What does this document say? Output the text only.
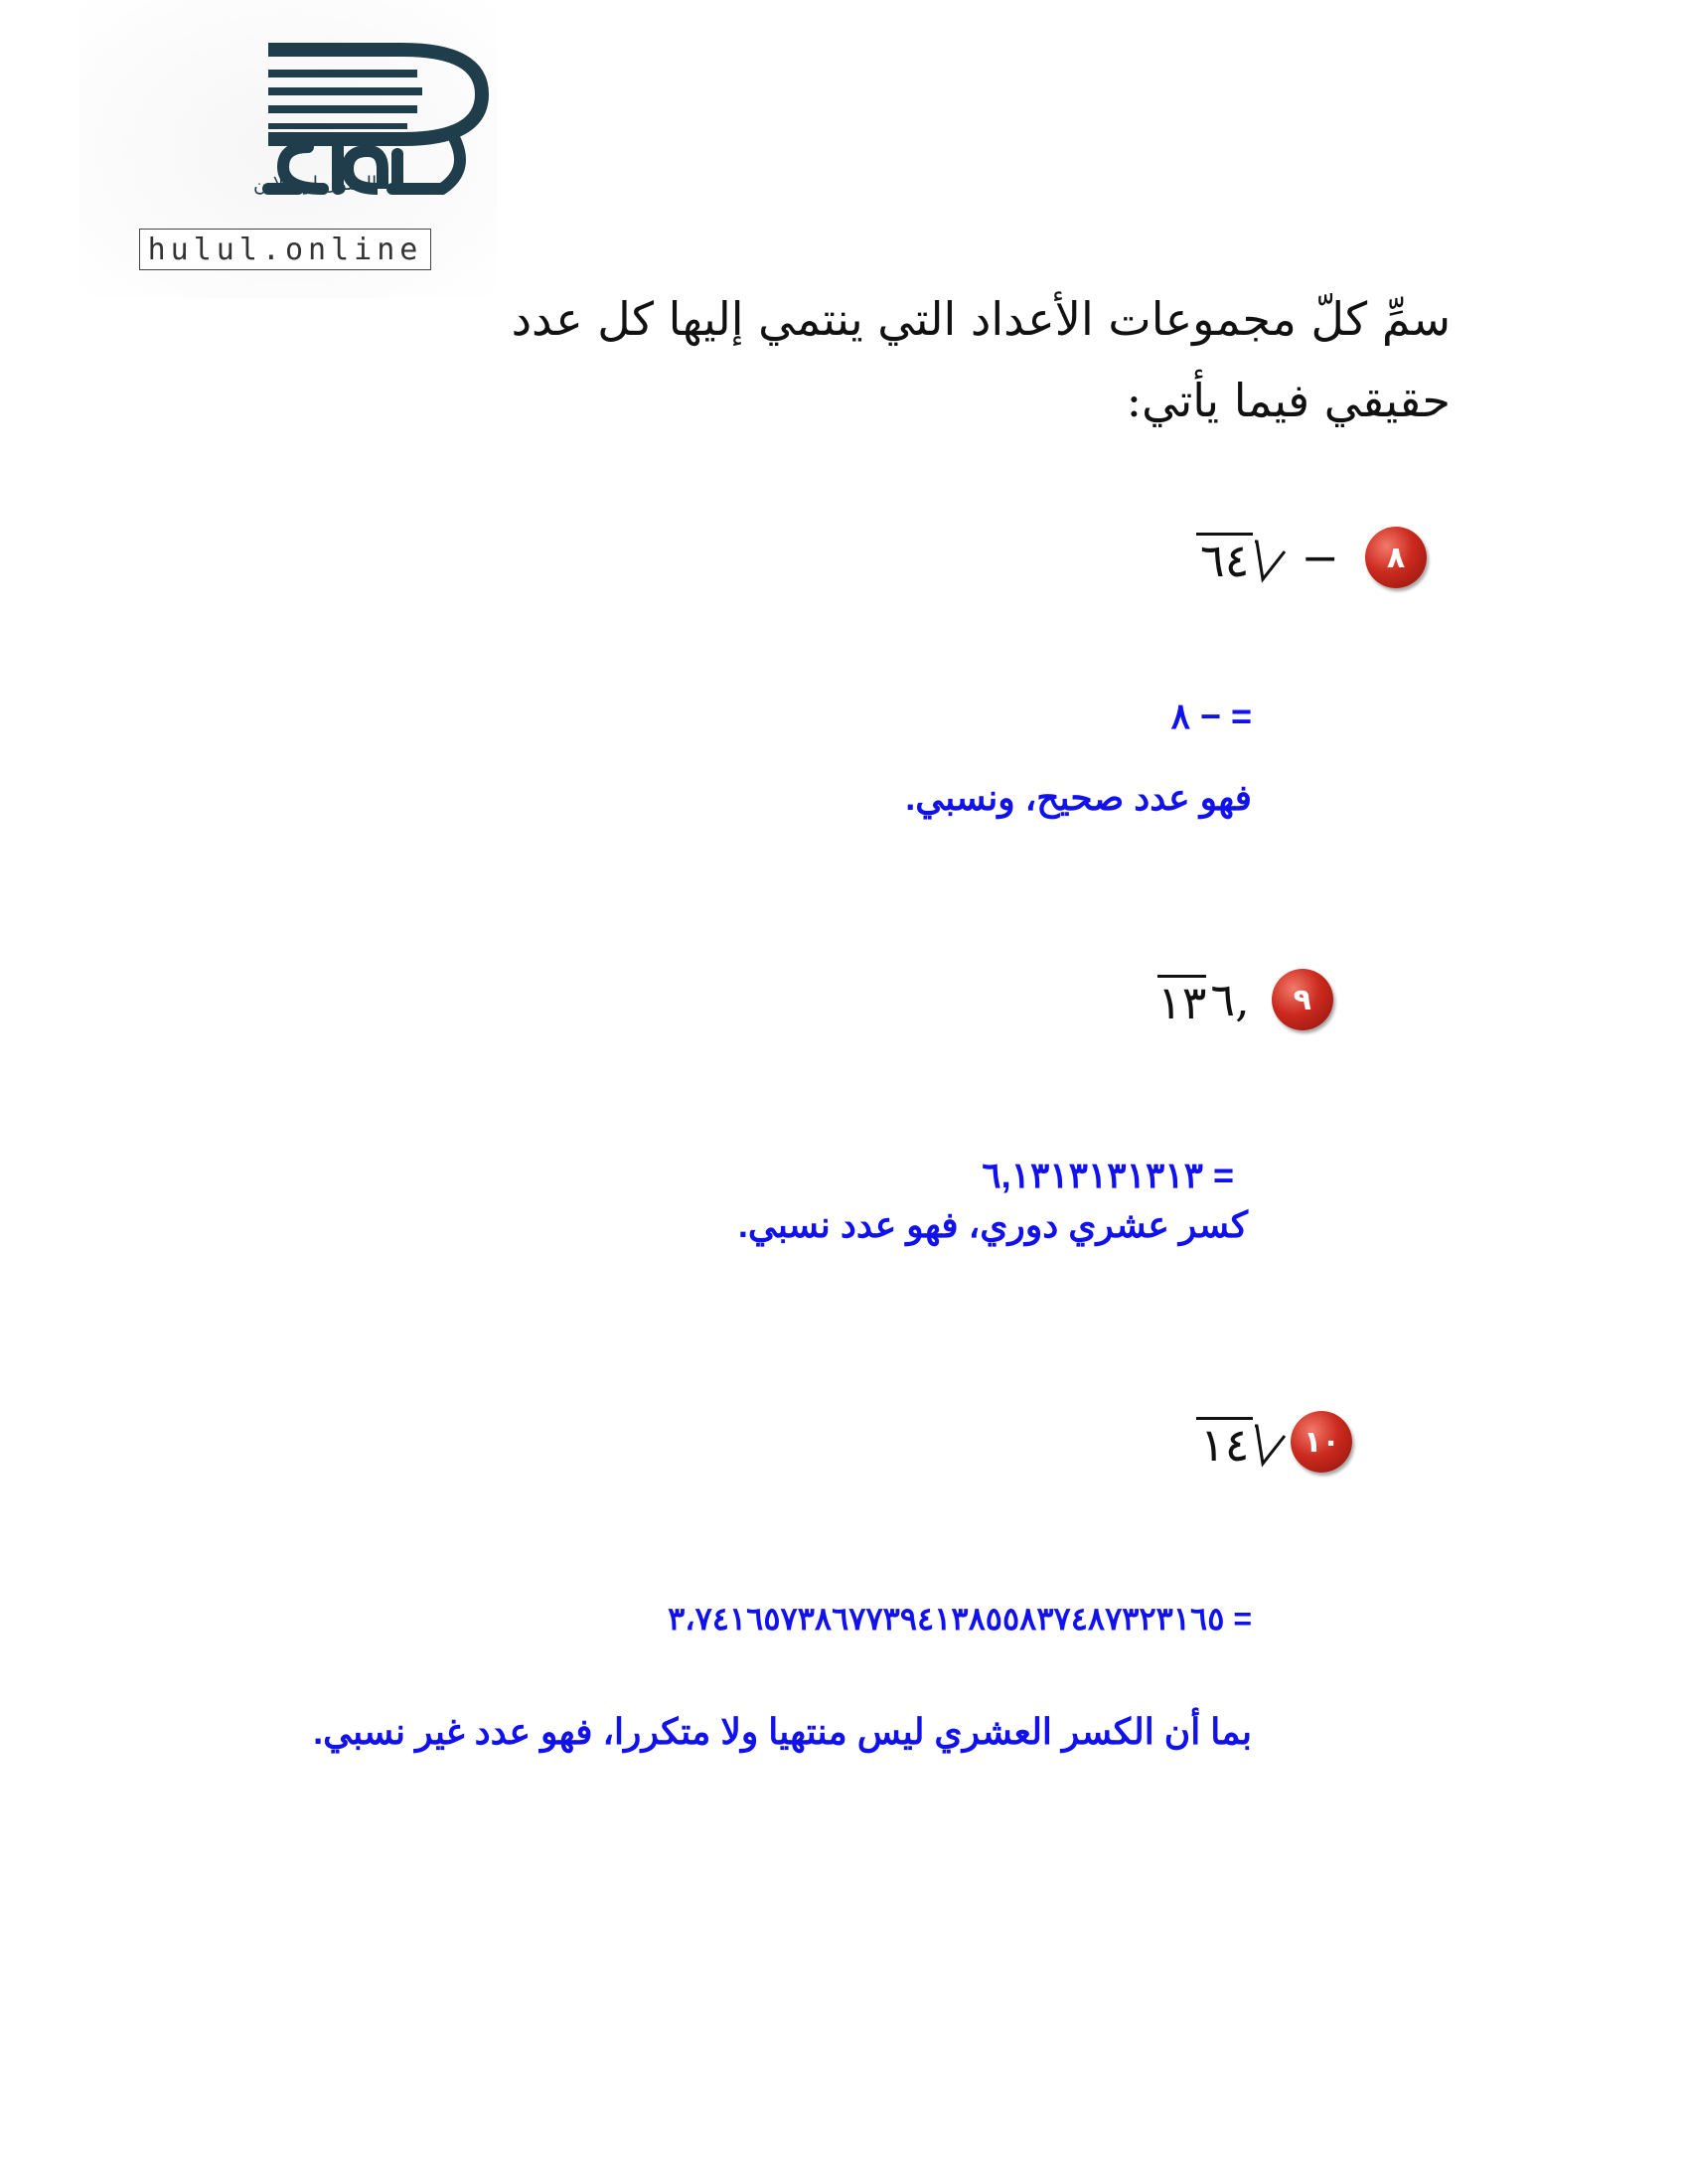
الحلول اون لاين
hulul.online
سمِّ كلّ مجموعات الأعداد التي ينتمي إليها كل عدد
حقيقي فيما يأتي:
٦٤ −	٨
= − ٨
فهو عدد صحيح، ونسبي.
١٣ ٦,	٩
= ٦,١٣١٣١٣١٣١٣
كسر عشري دوري، فهو عدد نسبي.
١٤	١٠
= ٣،٧٤١٦٥٧٣٨٦٧٧٣٩٤١٣٨٥٥٨٣٧٤٨٧٣٢٣١٦٥
بما أن الكسر العشري ليس منتهيا ولا متكررا، فهو عدد غير نسبي.
